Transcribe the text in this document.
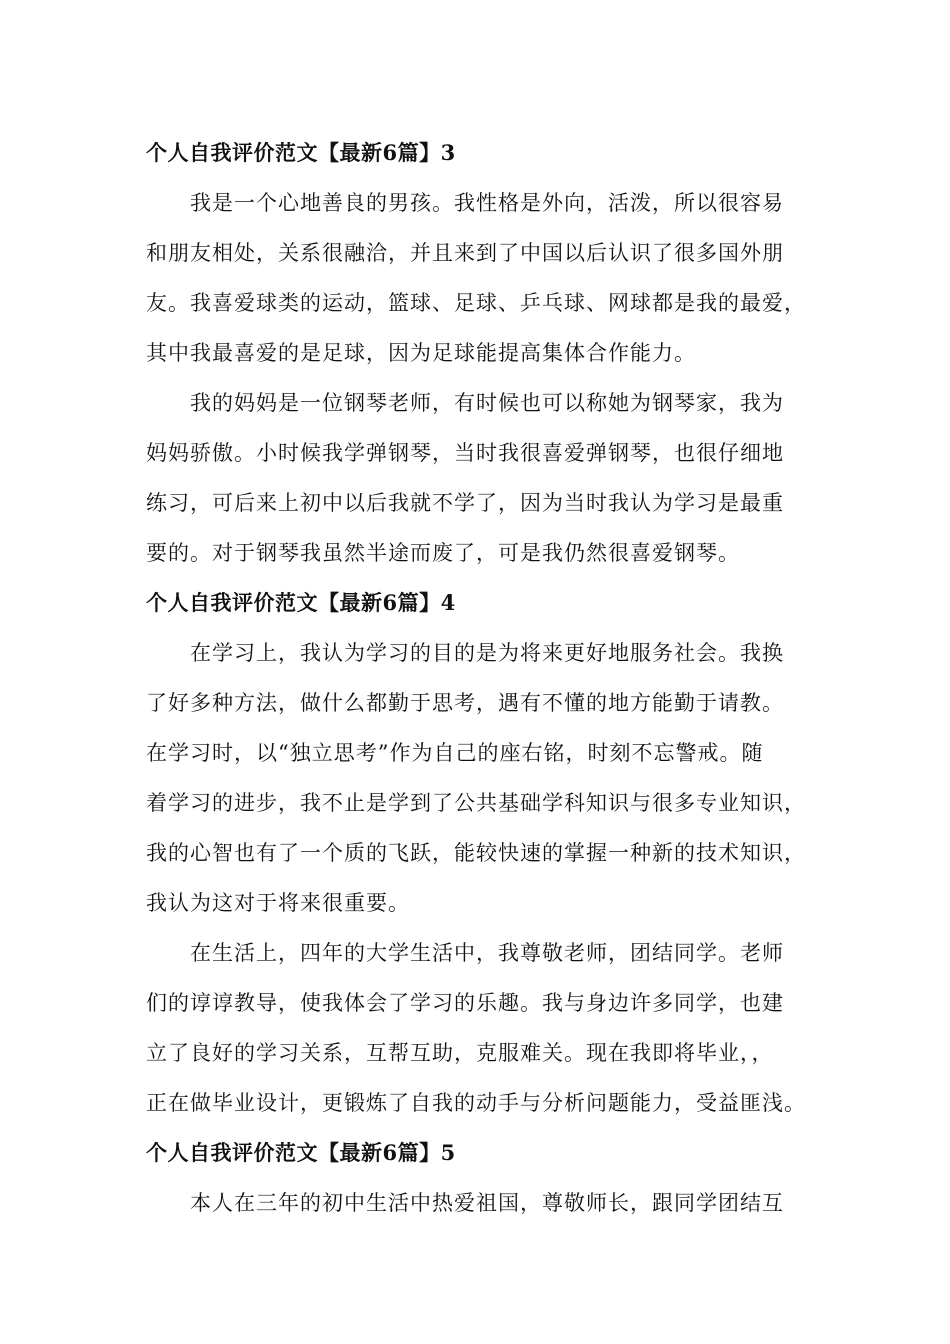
个人自我评价范文【最新6篇】3

我是一个心地善良的男孩。我性格是外向，活泼，所以很容易
和朋友相处，关系很融洽，并且来到了中国以后认识了很多国外朋
友。我喜爱球类的运动，篮球、足球、乒乓球、网球都是我的最爱，
其中我最喜爱的是足球，因为足球能提高集体合作能力。

我的妈妈是一位钢琴老师，有时候也可以称她为钢琴家，我为
妈妈骄傲。小时候我学弹钢琴，当时我很喜爱弹钢琴，也很仔细地
练习，可后来上初中以后我就不学了，因为当时我认为学习是最重
要的。对于钢琴我虽然半途而废了，可是我仍然很喜爱钢琴。

个人自我评价范文【最新6篇】4

在学习上，我认为学习的目的是为将来更好地服务社会。我换
了好多种方法，做什么都勤于思考，遇有不懂的地方能勤于请教。
在学习时，以“独立思考”作为自己的座右铭，时刻不忘警戒。随
着学习的进步，我不止是学到了公共基础学科知识与很多专业知识，
我的心智也有了一个质的飞跃，能较快速的掌握一种新的技术知识，
我认为这对于将来很重要。

在生活上，四年的大学生活中，我尊敬老师，团结同学。老师
们的谆谆教导，使我体会了学习的乐趣。我与身边许多同学，也建
立了良好的学习关系，互帮互助，克服难关。现在我即将毕业，，
正在做毕业设计，更锻炼了自我的动手与分析问题能力，受益匪浅。

个人自我评价范文【最新6篇】5

本人在三年的初中生活中热爱祖国，尊敬师长，跟同学团结互
